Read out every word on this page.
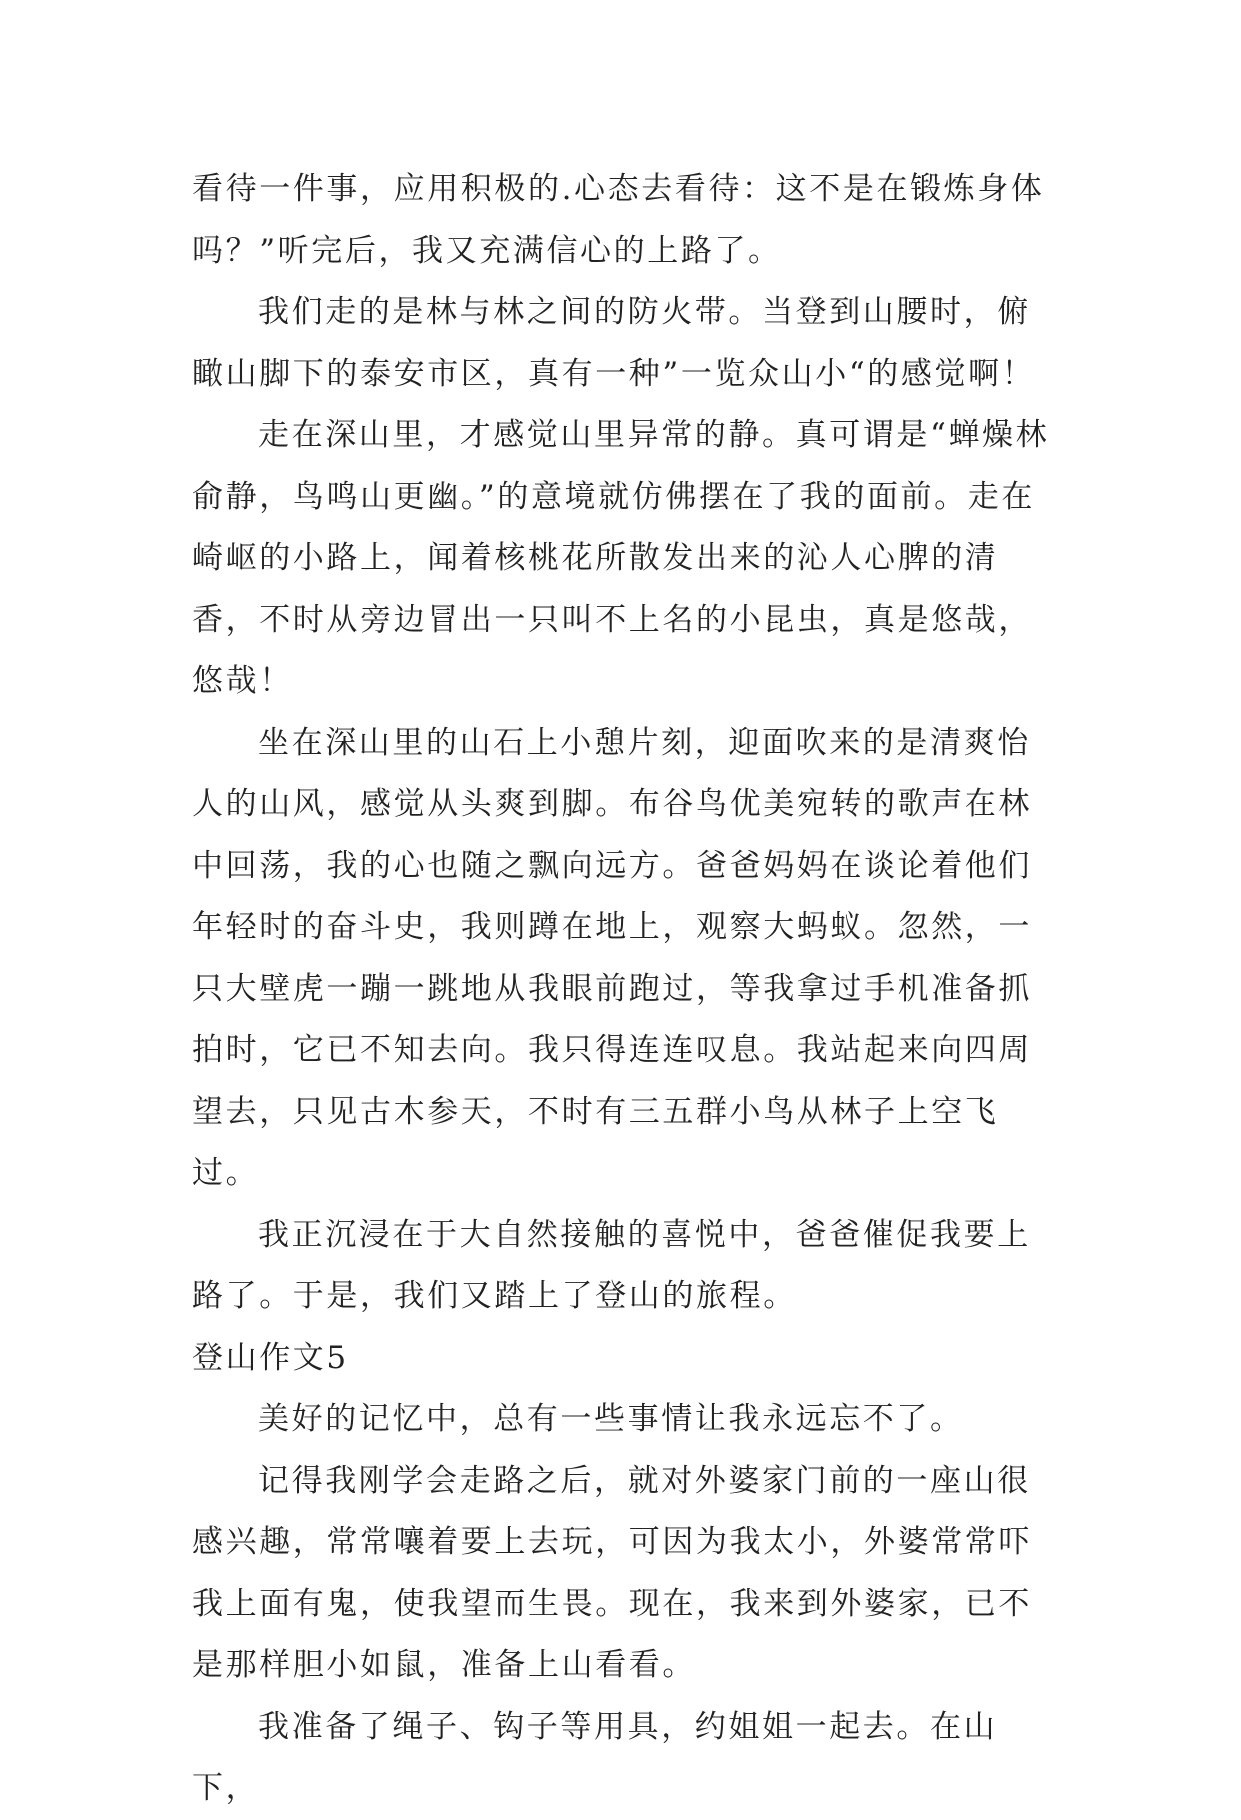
看待一件事，应用积极的.心态去看待：这不是在锻炼身体吗？”听完后，我又充满信心的上路了。

我们走的是林与林之间的防火带。当登到山腰时，俯瞰山脚下的泰安市区，真有一种”一览众山小“的感觉啊！

走在深山里，才感觉山里异常的静。真可谓是“蝉燥林俞静，鸟鸣山更幽。”的意境就仿佛摆在了我的面前。走在崎岖的小路上，闻着核桃花所散发出来的沁人心脾的清香，不时从旁边冒出一只叫不上名的小昆虫，真是悠哉，悠哉！

坐在深山里的山石上小憩片刻，迎面吹来的是清爽怡人的山风，感觉从头爽到脚。布谷鸟优美宛转的歌声在林中回荡，我的心也随之飘向远方。爸爸妈妈在谈论着他们年轻时的奋斗史，我则蹲在地上，观察大蚂蚁。忽然，一只大壁虎一蹦一跳地从我眼前跑过，等我拿过手机准备抓拍时，它已不知去向。我只得连连叹息。我站起来向四周望去，只见古木参天，不时有三五群小鸟从林子上空飞过。

我正沉浸在于大自然接触的喜悦中，爸爸催促我要上路了。于是，我们又踏上了登山的旅程。

登山作文5

美好的记忆中，总有一些事情让我永远忘不了。

记得我刚学会走路之后，就对外婆家门前的一座山很感兴趣，常常嚷着要上去玩，可因为我太小，外婆常常吓我上面有鬼，使我望而生畏。现在，我来到外婆家，已不是那样胆小如鼠，准备上山看看。

我准备了绳子、钩子等用具，约姐姐一起去。在山下，
